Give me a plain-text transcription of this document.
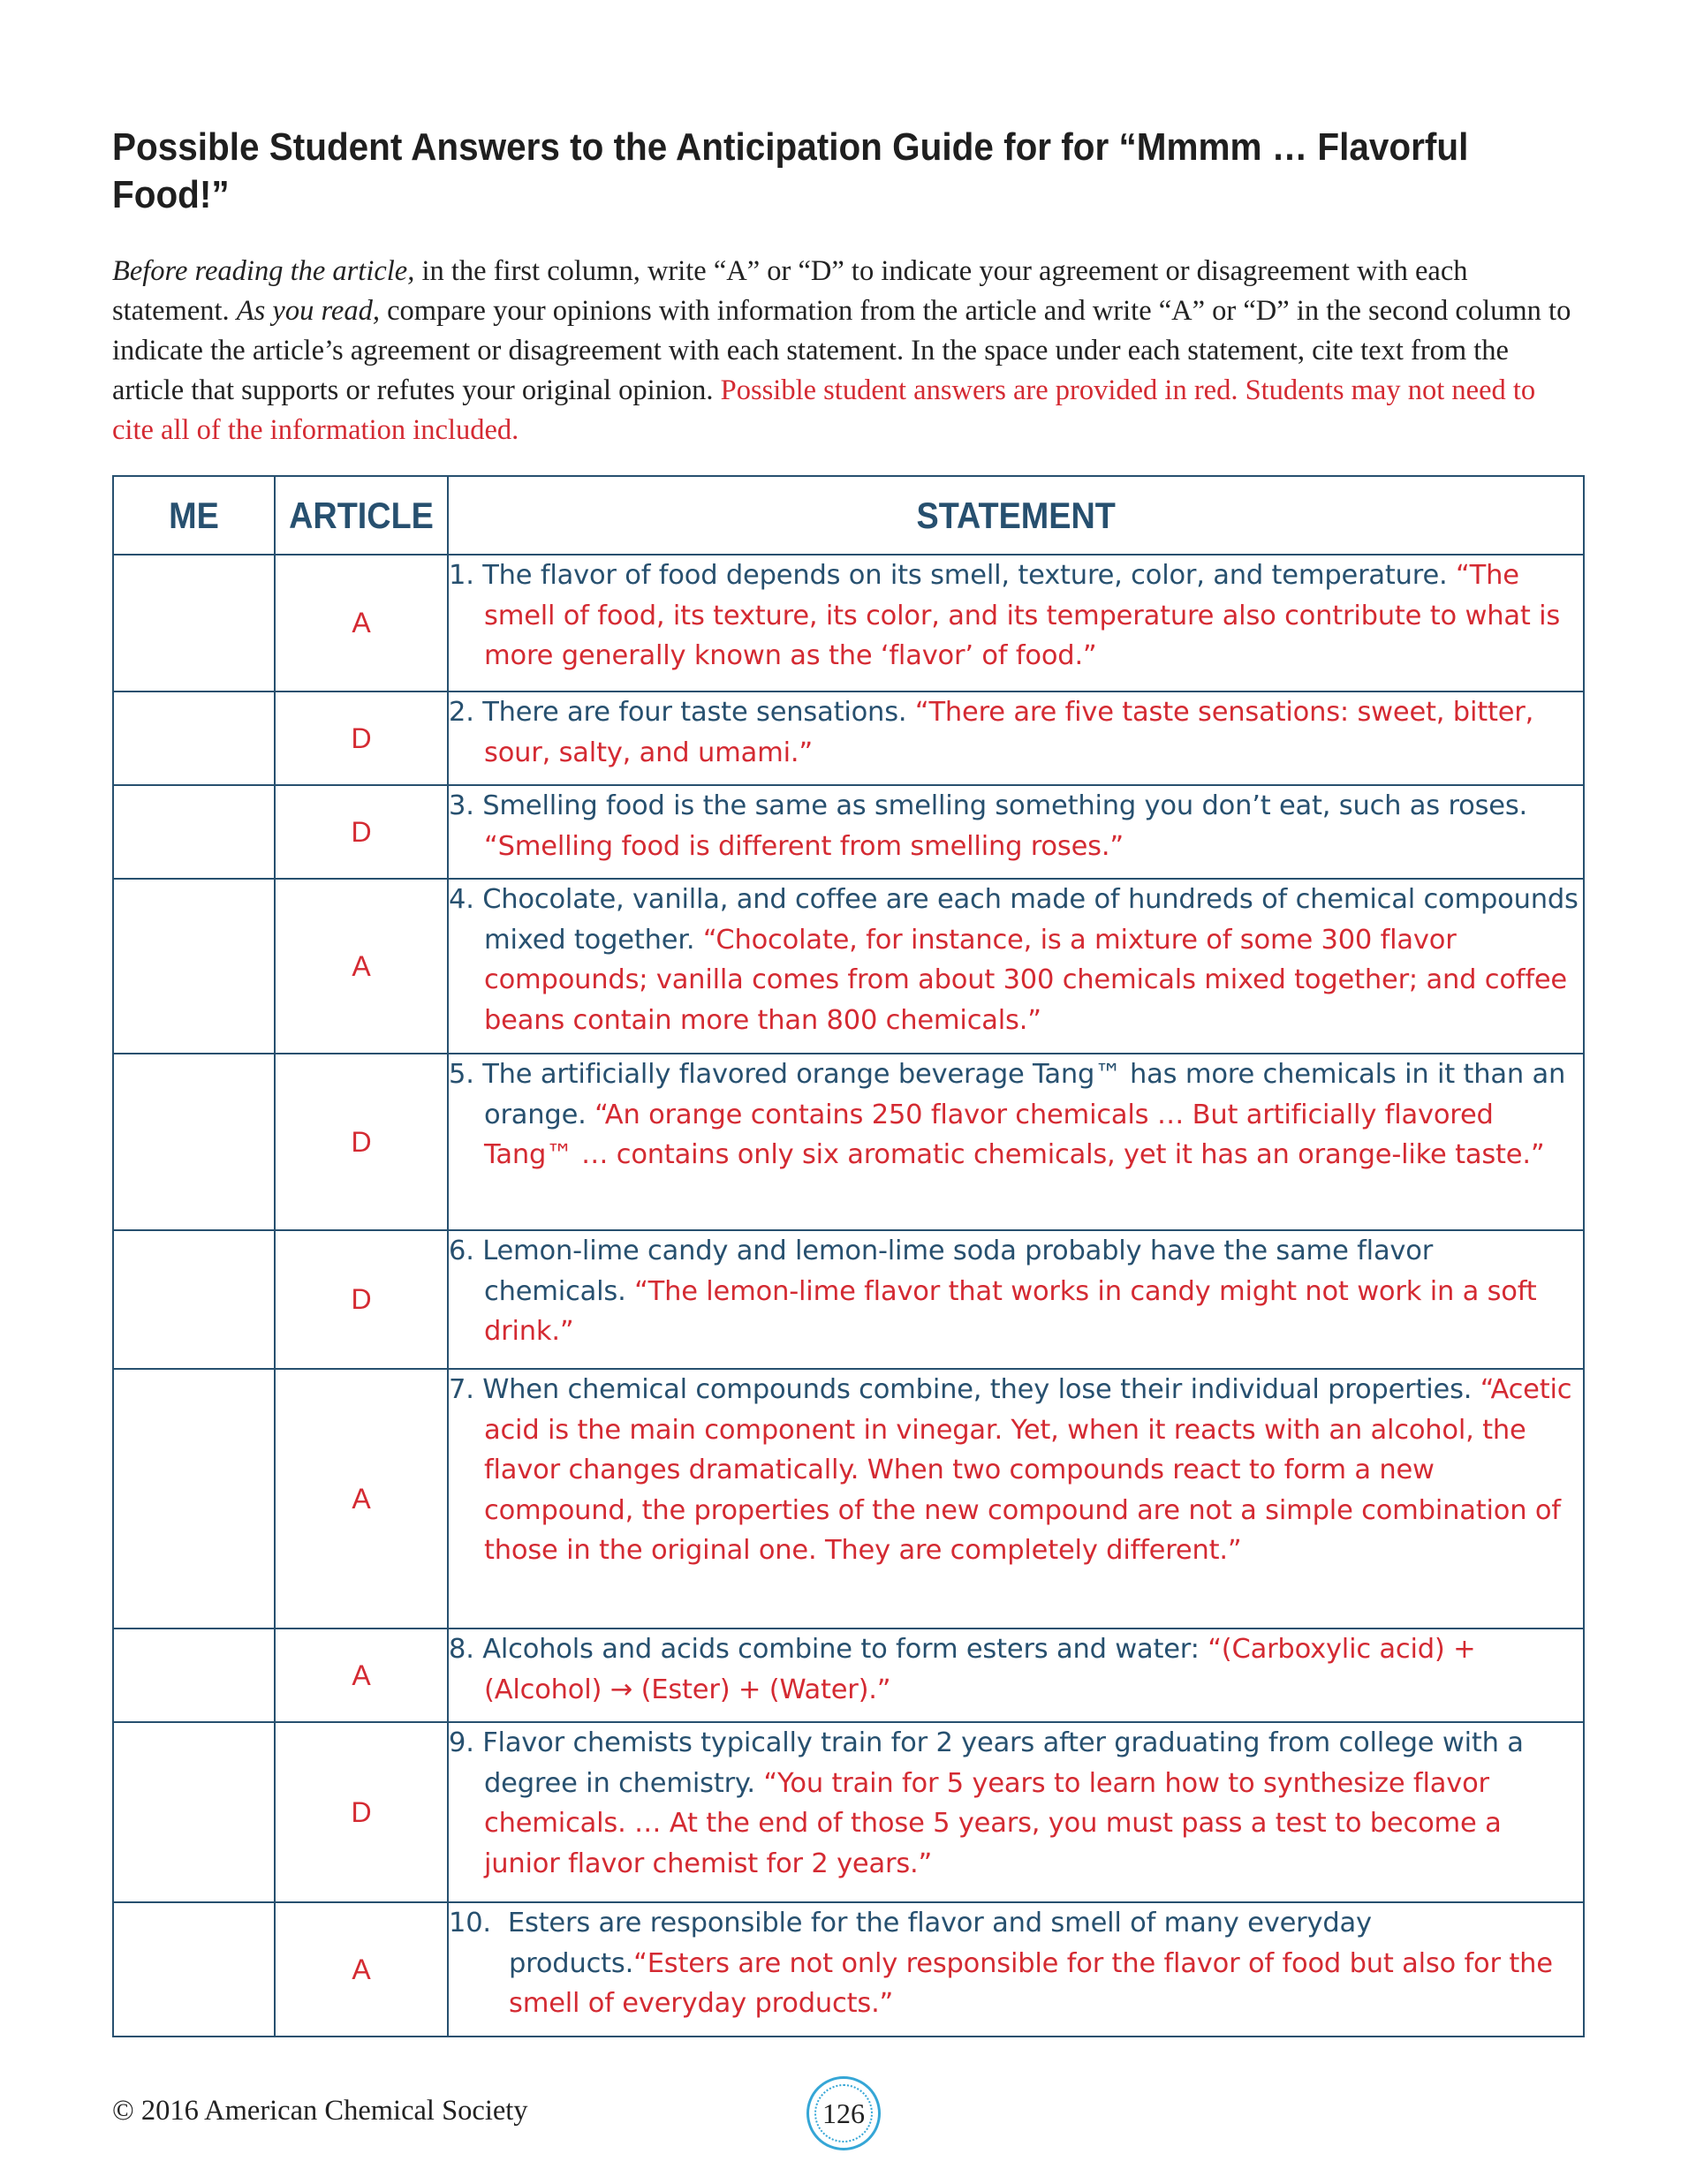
Possible Student Answers to the Anticipation Guide for for “Mmmm … Flavorful Food!”
Before reading the article, in the first column, write “A” or “D” to indicate your agreement or disagreement with each statement. As you read, compare your opinions with information from the article and write “A” or “D” in the second column to indicate the article’s agreement or disagreement with each statement. In the space under each statement, cite text from the article that supports or refutes your original opinion. Possible student answers are provided in red. Students may not need to cite all of the information included.
ME	ARTICLE	STATEMENT
	A	1. The flavor of food depends on its smell, texture, color, and temperature. “The smell of food, its texture, its color, and its temperature also contribute to what is more generally known as the ‘flavor’ of food.”

	D	2. There are four taste sensations. “There are five taste sensations: sweet, bitter, sour, salty, and umami.”

	D	3. Smelling food is the same as smelling something you don’t eat, such as roses. “Smelling food is different from smelling roses.”

	A	4. Chocolate, vanilla, and coffee are each made of hundreds of chemical compounds mixed together. “Chocolate, for instance, is a mixture of some 300 flavor compounds; vanilla comes from about 300 chemicals mixed together; and coffee beans contain more than 800 chemicals.”

	D	5. The artificially flavored orange beverage Tang™ has more chemicals in it than an orange. “An orange contains 250 flavor chemicals … But artificially flavored Tang™ … contains only six aromatic chemicals, yet it has an orange-like taste.”

	D	6. Lemon-lime candy and lemon-lime soda probably have the same flavor chemicals. “The lemon-lime flavor that works in candy might not work in a soft drink.”

	A	7. When chemical compounds combine, they lose their individual properties. “Acetic acid is the main component in vinegar. Yet, when it reacts with an alcohol, the flavor changes dramatically. When two compounds react to form a new compound, the properties of the new compound are not a simple combination of those in the original one. They are completely different.”

	A	8. Alcohols and acids combine to form esters and water: “(Carboxylic acid) + (Alcohol) → (Ester) + (Water).”

	D	9. Flavor chemists typically train for 2 years after graduating from college with a degree in chemistry. “You train for 5 years to learn how to synthesize flavor chemicals. … At the end of those 5 years, you must pass a test to become a junior flavor chemist for 2 years.”

	A	10. Esters are responsible for the flavor and smell of many everyday products.“Esters are not only responsible for the flavor of food but also for the smell of everyday products.”
© 2016 American Chemical Society	126
